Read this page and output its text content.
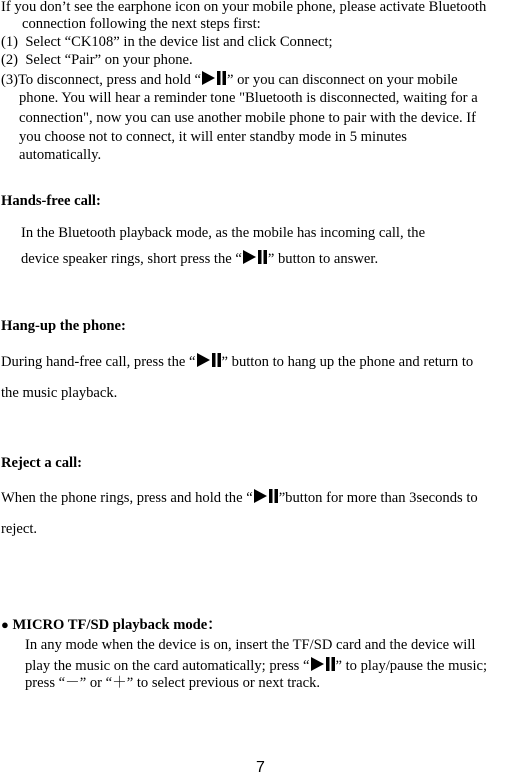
If you don’t see the earphone icon on your mobile phone, please activate Bluetooth
connection following the next steps first:
(1)  Select “CK108” in the device list and click Connect;
(2)  Select “Pair” on your phone.
(3)To disconnect, press and hold “ ” or you can disconnect on your mobile
phone. You will hear a reminder tone "Bluetooth is disconnected, waiting for a
connection", now you can use another mobile phone to pair with the device. If
you choose not to connect, it will enter standby mode in 5 minutes
automatically.
Hands-free call:
In the Bluetooth playback mode, as the mobile has incoming call, the
device speaker rings, short press the “ ” button to answer.
Hang-up the phone:
During hand-free call, press the “ ” button to hang up the phone and return to
the music playback.
Reject a call:
When the phone rings, press and hold the “ ”button for more than 3seconds to
reject.
● MICRO TF/SD playback mode：
In any mode when the device is on, insert the TF/SD card and the device will
play the music on the card automatically; press “ ” to play/pause the music;
press “－” or “＋” to select previous or next track.
7
